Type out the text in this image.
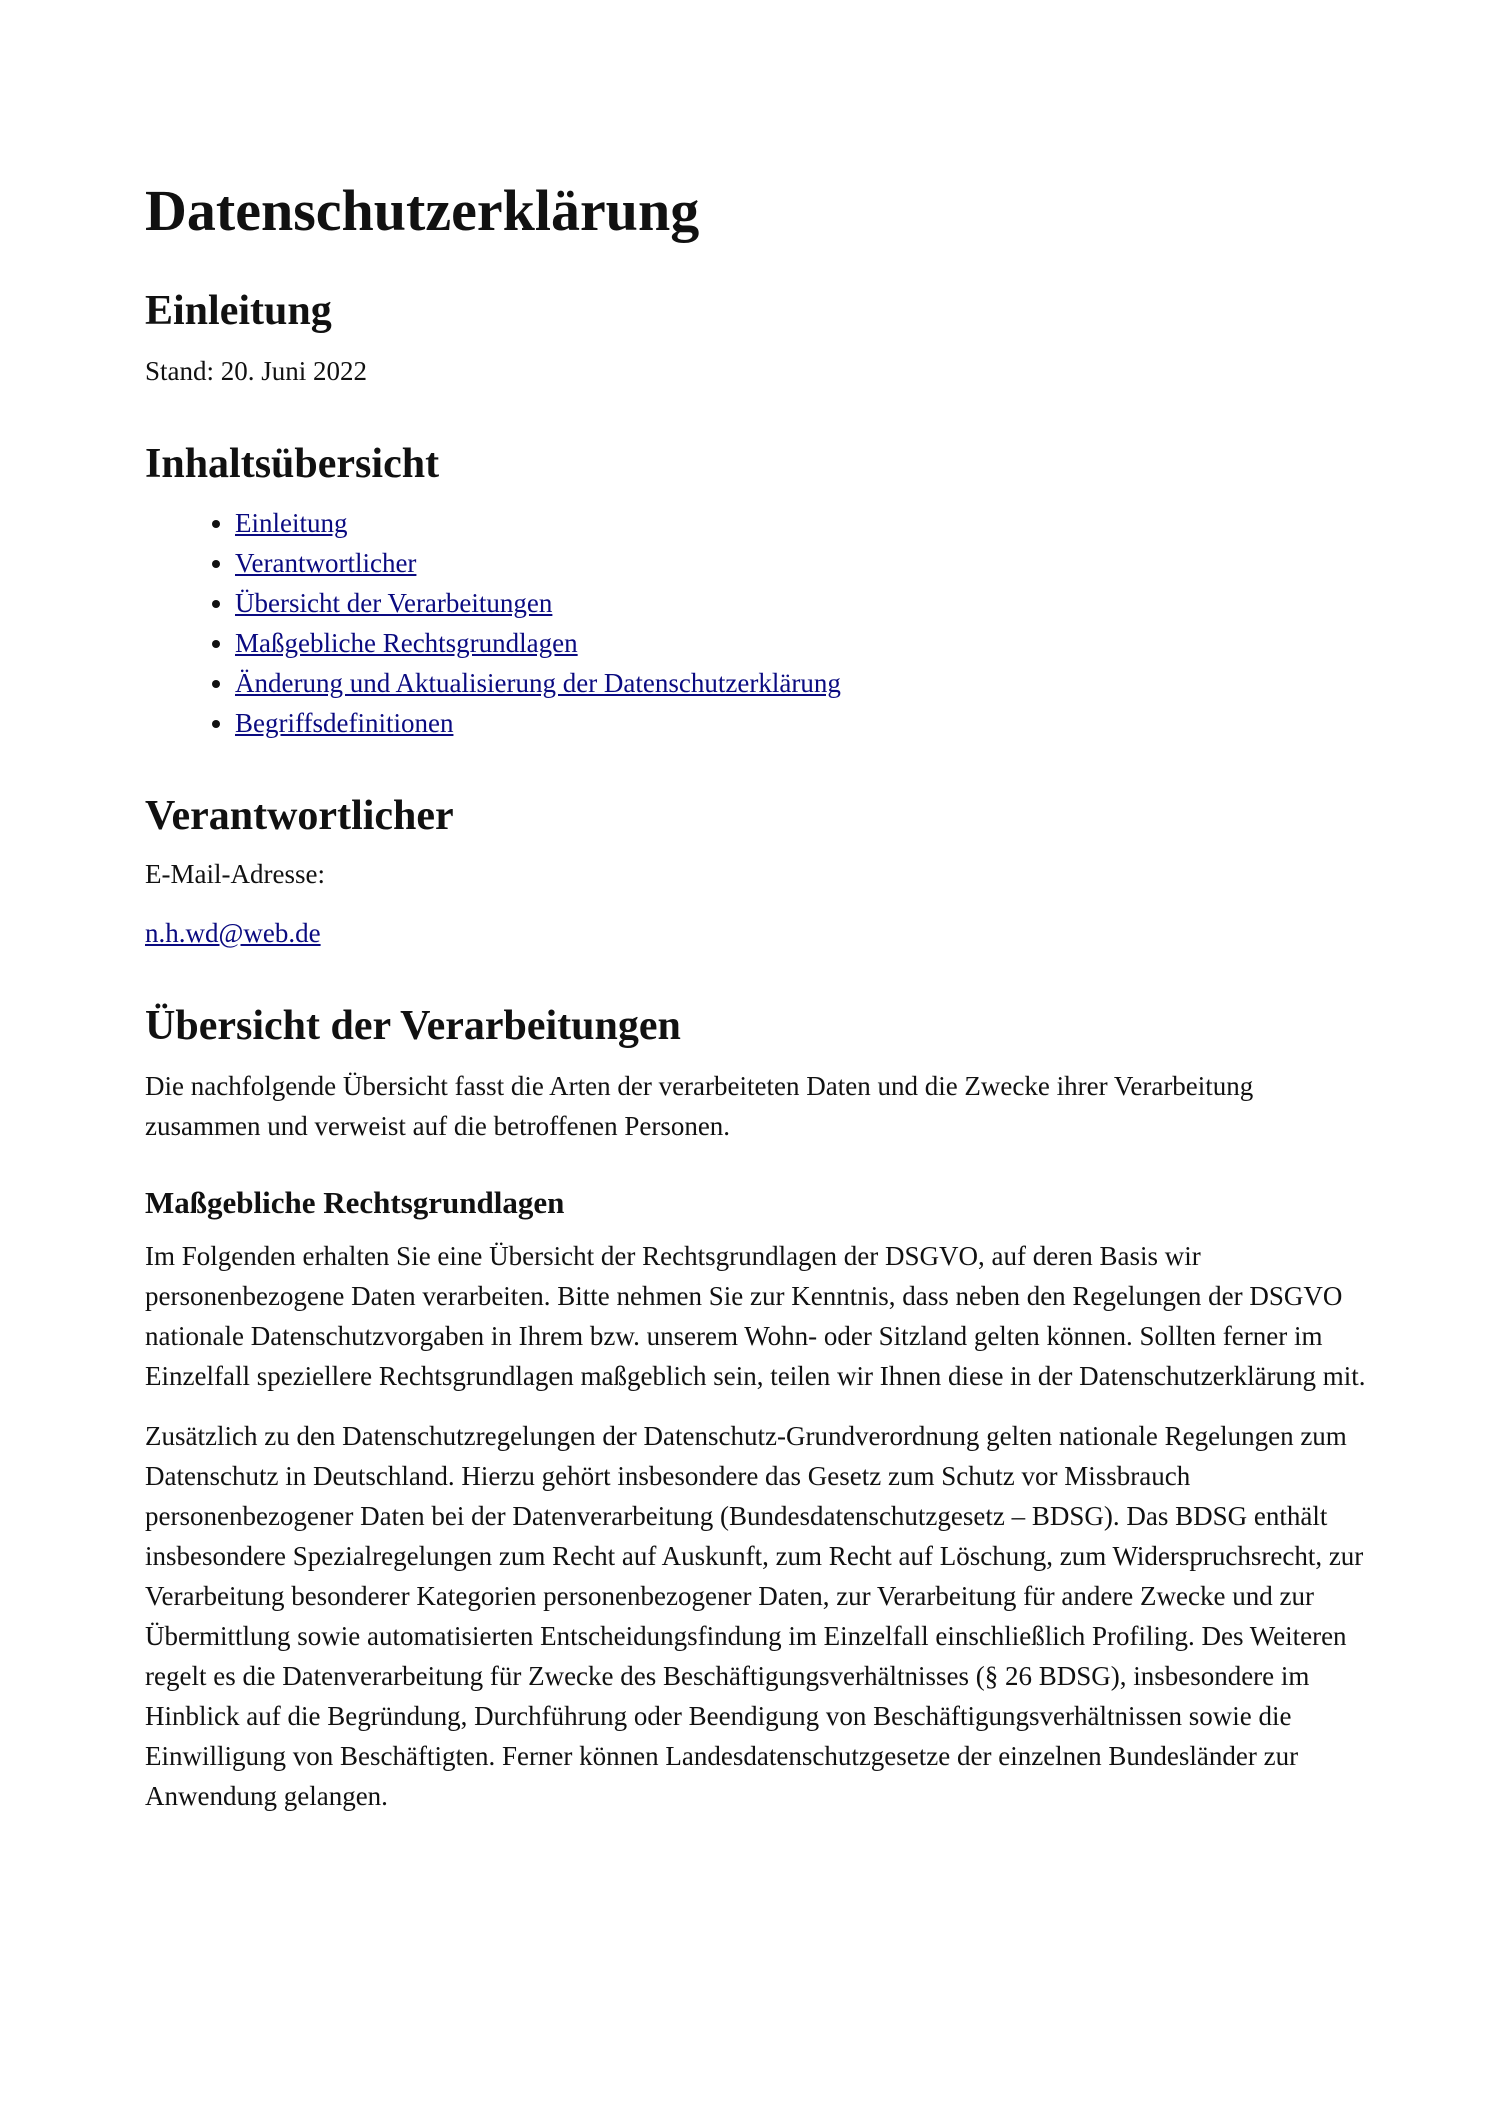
Datenschutzerklärung
Einleitung

Stand: 20. Juni 2022

Inhaltsübersicht
• Einleitung
• Verantwortlicher
• Übersicht der Verarbeitungen
• Maßgebliche Rechtsgrundlagen
• Änderung und Aktualisierung der Datenschutzerklärung
• Begriffsdefinitionen
Verantwortlicher

E-Mail-Adresse:

n.h.wd@web.de

Übersicht der Verarbeitungen

Die nachfolgende Übersicht fasst die Arten der verarbeiteten Daten und die Zwecke ihrer Verarbeitung zusammen und verweist auf die betroffenen Personen.

Maßgebliche Rechtsgrundlagen

Im Folgenden erhalten Sie eine Übersicht der Rechtsgrundlagen der DSGVO, auf deren Basis wir personenbezogene Daten verarbeiten. Bitte nehmen Sie zur Kenntnis, dass neben den Regelungen der DSGVO nationale Datenschutzvorgaben in Ihrem bzw. unserem Wohn- oder Sitzland gelten können. Sollten ferner im Einzelfall speziellere Rechtsgrundlagen maßgeblich sein, teilen wir Ihnen diese in der Datenschutzerklärung mit.

Zusätzlich zu den Datenschutzregelungen der Datenschutz-Grundverordnung gelten nationale Regelungen zum Datenschutz in Deutschland. Hierzu gehört insbesondere das Gesetz zum Schutz vor Missbrauch personenbezogener Daten bei der Datenverarbeitung (Bundesdatenschutzgesetz – BDSG). Das BDSG enthält insbesondere Spezialregelungen zum Recht auf Auskunft, zum Recht auf Löschung, zum Widerspruchsrecht, zur Verarbeitung besonderer Kategorien personenbezogener Daten, zur Verarbeitung für andere Zwecke und zur Übermittlung sowie automatisierten Entscheidungsfindung im Einzelfall einschließlich Profiling. Des Weiteren regelt es die Datenverarbeitung für Zwecke des Beschäftigungsverhältnisses (§ 26 BDSG), insbesondere im Hinblick auf die Begründung, Durchführung oder Beendigung von Beschäftigungsverhältnissen sowie die Einwilligung von Beschäftigten. Ferner können Landesdatenschutzgesetze der einzelnen Bundesländer zur Anwendung gelangen.
